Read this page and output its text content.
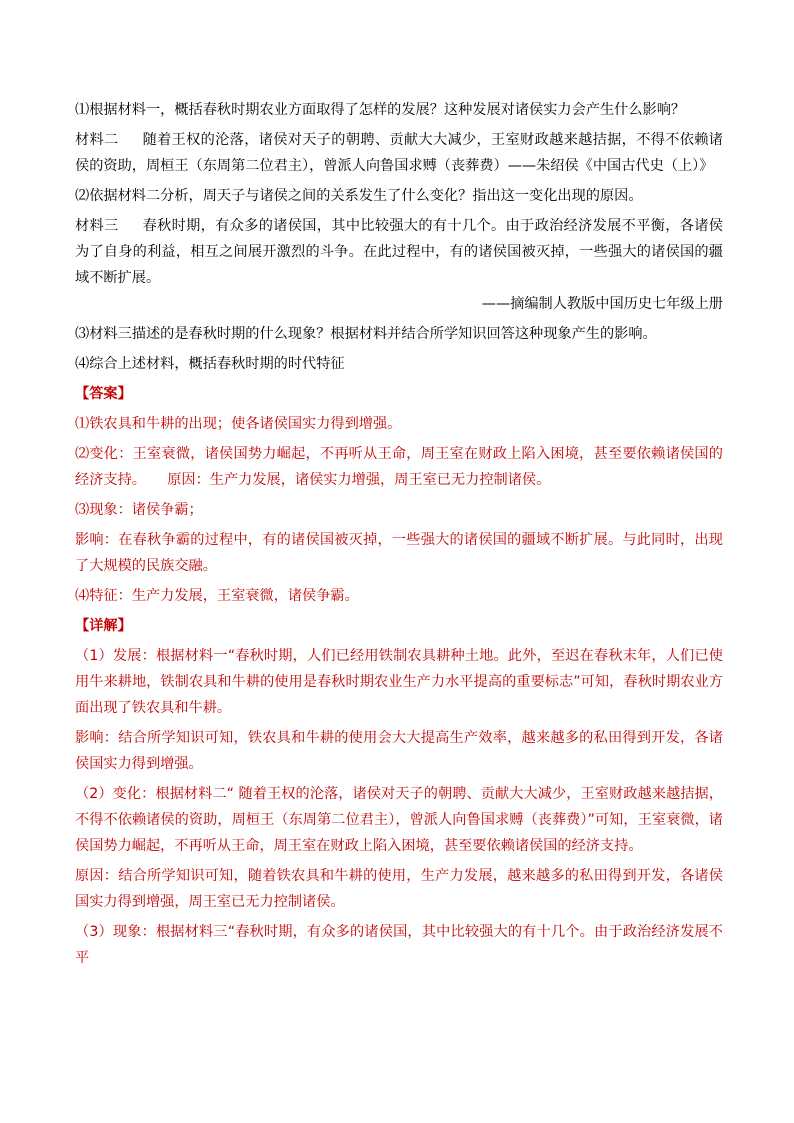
⑴根据材料一，概括春秋时期农业方面取得了怎样的发展？这种发展对诸侯实力会产生什么影响？

材料二 随着王权的沦落，诸侯对天子的朝聘、贡献大大减少，王室财政越来越拮据，不得不依赖诸侯的资助，周桓王（东周第二位君主），曾派人向鲁国求赙（丧葬费）——朱绍侯《中国古代史（上）》

⑵依据材料二分析，周天子与诸侯之间的关系发生了什么变化？指出这一变化出现的原因。

材料三 春秋时期，有众多的诸侯国，其中比较强大的有十几个。由于政治经济发展不平衡，各诸侯为了自身的利益，相互之间展开激烈的斗争。在此过程中，有的诸侯国被灭掉，一些强大的诸侯国的疆域不断扩展。
——摘编制人教版中国历史七年级上册

⑶材料三描述的是春秋时期的什么现象？根据材料并结合所学知识回答这种现象产生的影响。

⑷综合上述材料，概括春秋时期的时代特征

【答案】

⑴铁农具和牛耕的出现；使各诸侯国实力得到增强。

⑵变化：王室衰微，诸侯国势力崛起，不再听从王命，周王室在财政上陷入困境，甚至要依赖诸侯国的经济支持。　　原因：生产力发展，诸侯实力增强，周王室已无力控制诸侯。

⑶现象：诸侯争霸；

影响：在春秋争霸的过程中，有的诸侯国被灭掉，一些强大的诸侯国的疆域不断扩展。与此同时，出现了大规模的民族交融。

⑷特征：生产力发展，王室衰微，诸侯争霸。

【详解】

（1）发展：根据材料一“春秋时期，人们已经用铁制农具耕种土地。此外，至迟在春秋末年，人们已使用牛来耕地，铁制农具和牛耕的使用是春秋时期农业生产力水平提高的重要标志”可知，春秋时期农业方面出现了铁农具和牛耕。

影响：结合所学知识可知，铁农具和牛耕的使用会大大提高生产效率，越来越多的私田得到开发，各诸侯国实力得到增强。

（2）变化：根据材料二“ 随着王权的沦落，诸侯对天子的朝聘、贡献大大减少，王室财政越来越拮据，不得不依赖诸侯的资助，周桓王（东周第二位君主），曾派人向鲁国求赙（丧葬费）”可知，王室衰微，诸侯国势力崛起，不再听从王命，周王室在财政上陷入困境，甚至要依赖诸侯国的经济支持。

原因：结合所学知识可知，随着铁农具和牛耕的使用，生产力发展，越来越多的私田得到开发，各诸侯国实力得到增强，周王室已无力控制诸侯。

（3）现象：根据材料三“春秋时期，有众多的诸侯国，其中比较强大的有十几个。由于政治经济发展不平
